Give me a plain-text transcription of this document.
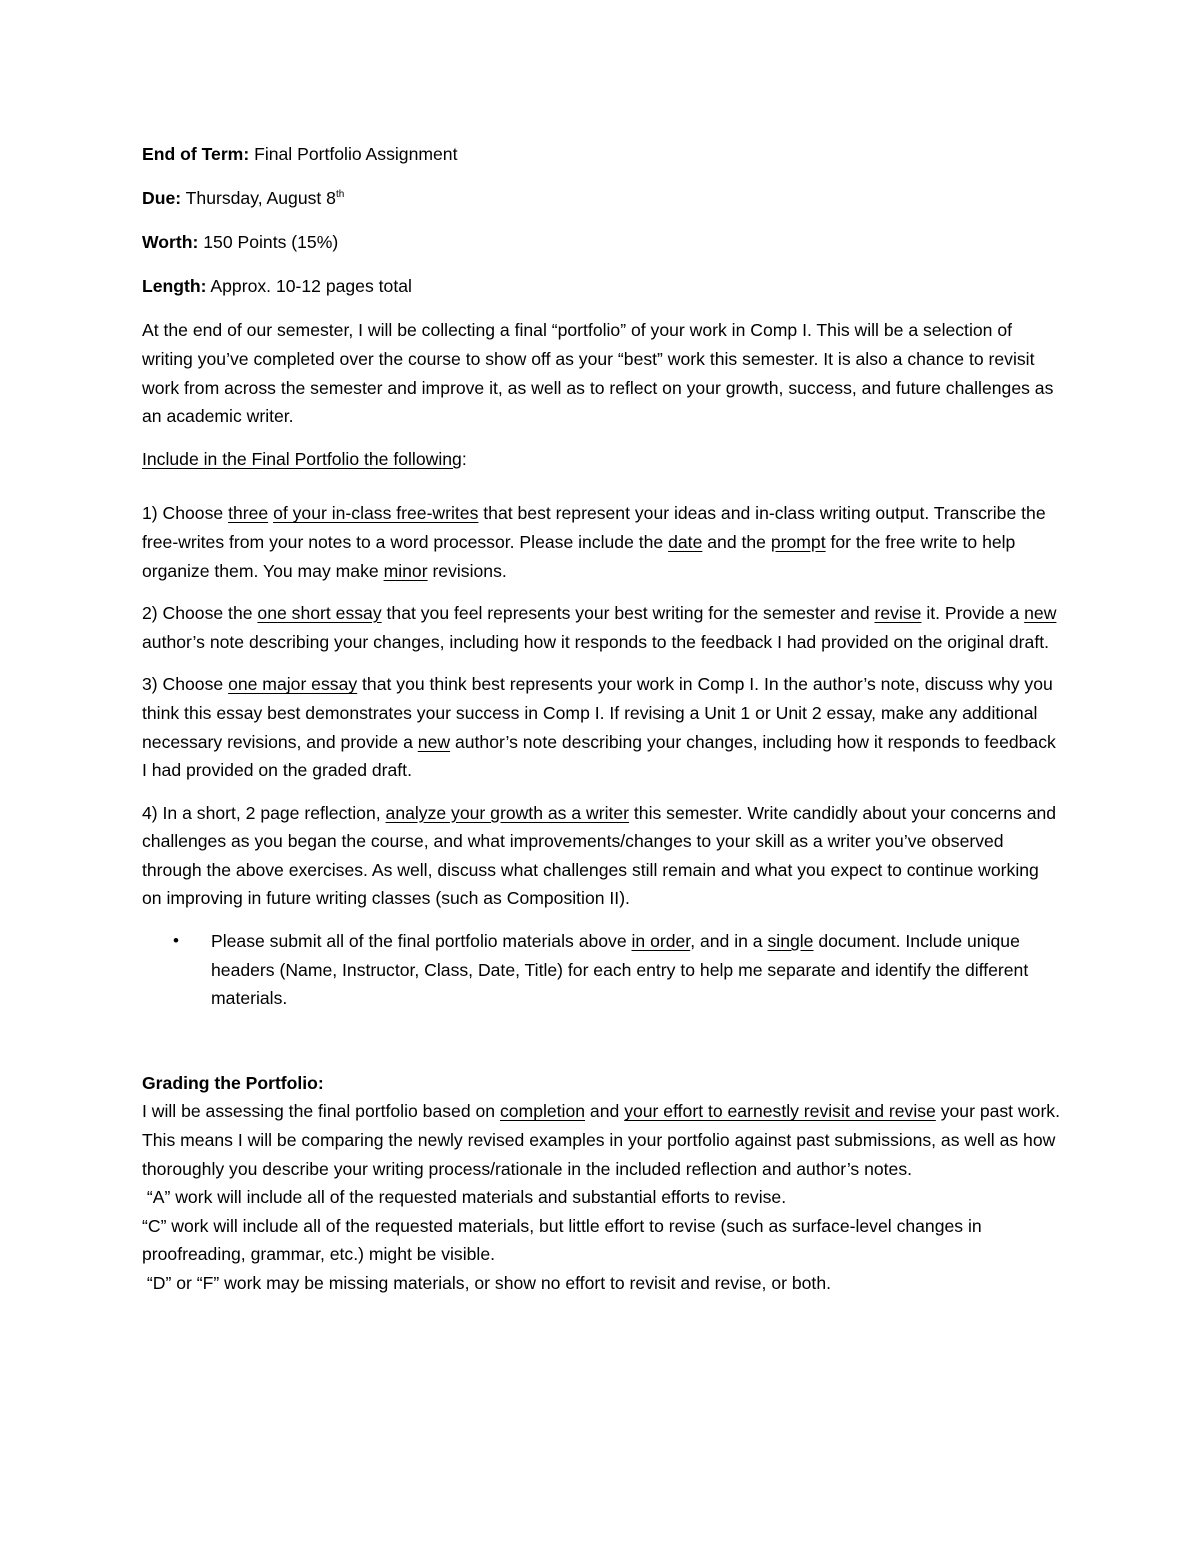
End of Term: Final Portfolio Assignment

Due: Thursday, August 8th

Worth: 150 Points (15%)

Length: Approx. 10-12 pages total

At the end of our semester, I will be collecting a final “portfolio” of your work in Comp I. This will be a selection of writing you’ve completed over the course to show off as your “best” work this semester. It is also a chance to revisit work from across the semester and improve it, as well as to reflect on your growth, success, and future challenges as an academic writer.

Include in the Final Portfolio the following:

1) Choose three of your in-class free-writes that best represent your ideas and in-class writing output. Transcribe the free-writes from your notes to a word processor. Please include the date and the prompt for the free write to help organize them. You may make minor revisions.

2) Choose the one short essay that you feel represents your best writing for the semester and revise it. Provide a new author’s note describing your changes, including how it responds to the feedback I had provided on the original draft.

3) Choose one major essay that you think best represents your work in Comp I. In the author’s note, discuss why you think this essay best demonstrates your success in Comp I. If revising a Unit 1 or Unit 2 essay, make any additional necessary revisions, and provide a new author’s note describing your changes, including how it responds to feedback I had provided on the graded draft.

4) In a short, 2 page reflection, analyze your growth as a writer this semester. Write candidly about your concerns and challenges as you began the course, and what improvements/changes to your skill as a writer you’ve observed through the above exercises. As well, discuss what challenges still remain and what you expect to continue working on improving in future writing classes (such as Composition II).

• Please submit all of the final portfolio materials above in order, and in a single document. Include unique headers (Name, Instructor, Class, Date, Title) for each entry to help me separate and identify the different materials.

Grading the Portfolio:

I will be assessing the final portfolio based on completion and your effort to earnestly revisit and revise your past work. This means I will be comparing the newly revised examples in your portfolio against past submissions, as well as how thoroughly you describe your writing process/rationale in the included reflection and author’s notes.

“A” work will include all of the requested materials and substantial efforts to revise.

“C” work will include all of the requested materials, but little effort to revise (such as surface-level changes in proofreading, grammar, etc.) might be visible.

“D” or “F” work may be missing materials, or show no effort to revisit and revise, or both.
